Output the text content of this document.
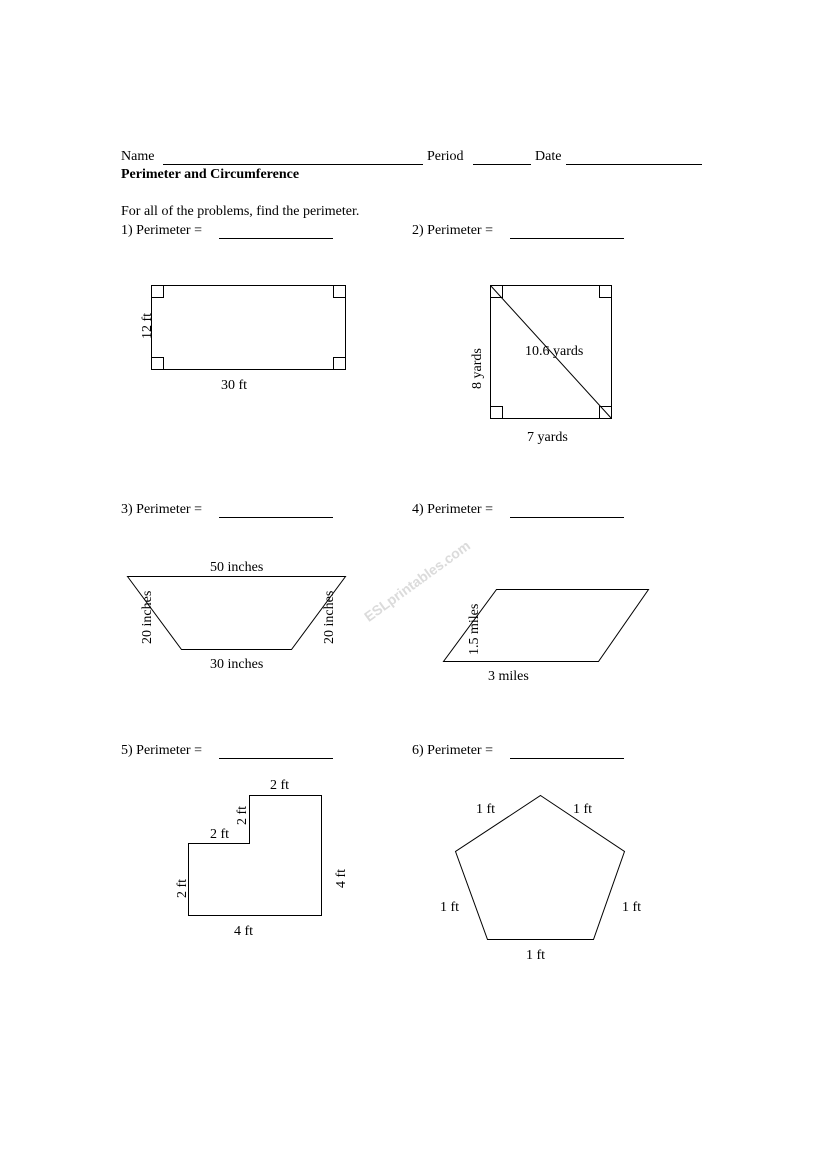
Name	Period	Date
Perimeter and Circumference
For all of the problems, find the perimeter.
1) Perimeter =	2) Perimeter =
3) Perimeter =	4) Perimeter =
5) Perimeter =	6) Perimeter =
12 ft
30 ft	8 yards	10.6 yards
7 yards
50 inches
20 inches	20 inches
30 inches
1.5 miles
3 miles
2 ft
2 ft
2 ft
4 ft
2 ft
4 ft
1 ft	1 ft
1 ft	1 ft
1 ft
ESLprintables.com
